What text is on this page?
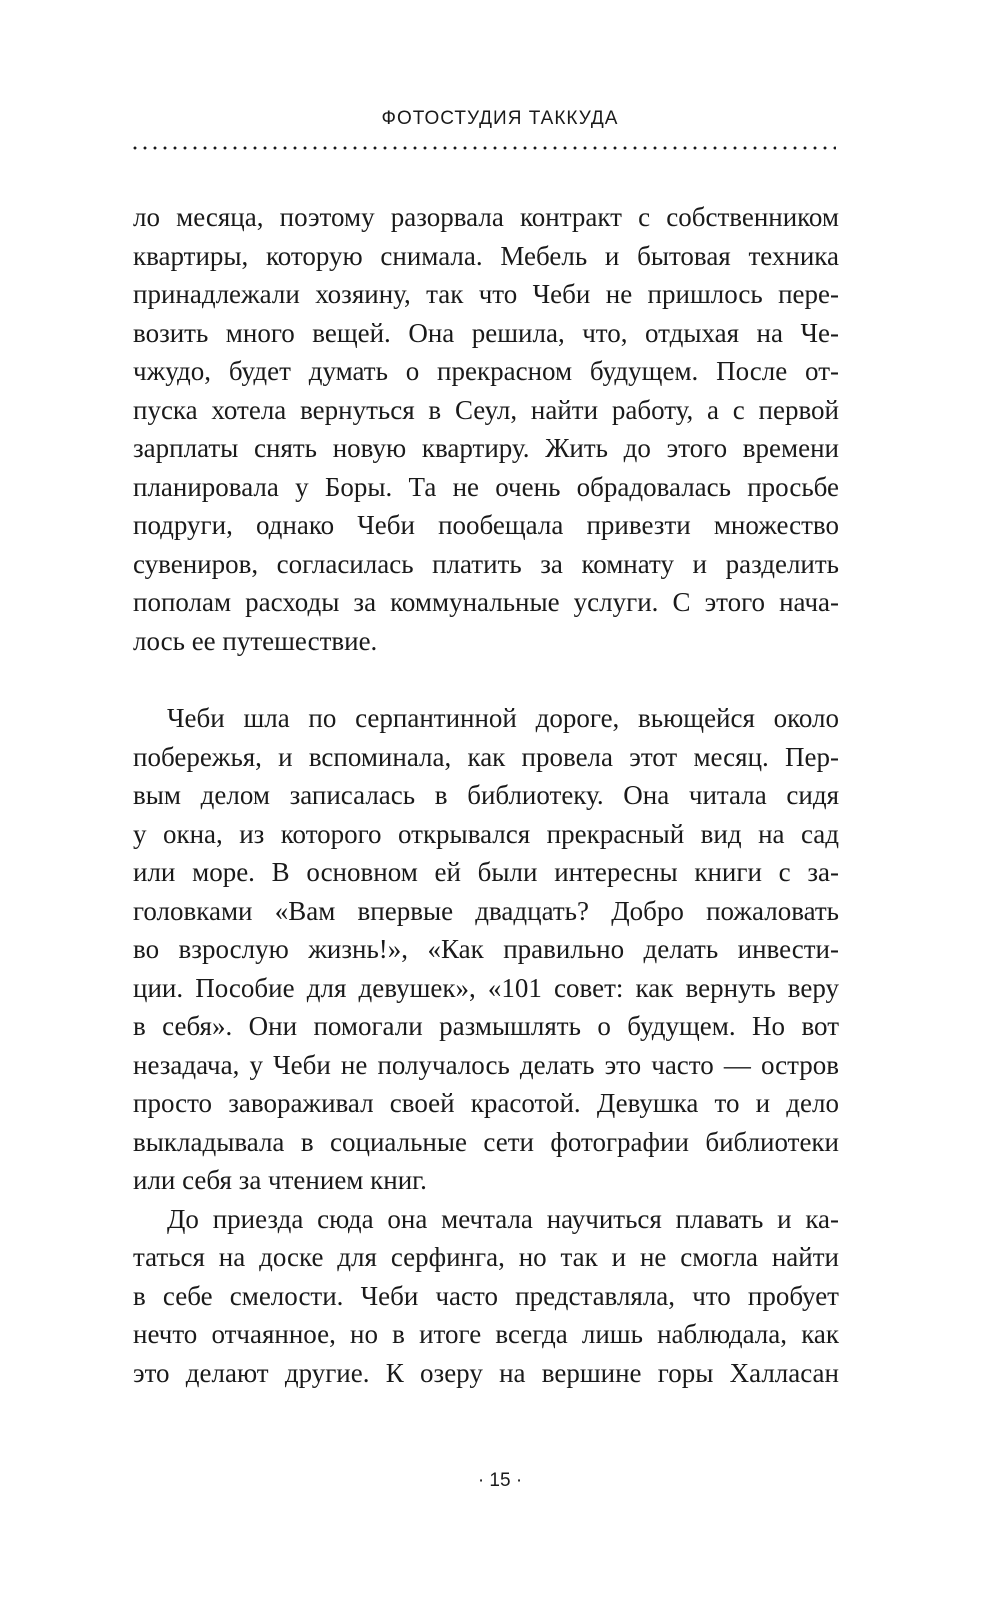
ФОТОСТУДИЯ ТАККУДА

ло месяца, поэтому разорвала контракт с собственником
квартиры, которую снимала. Мебель и бытовая техника
принадлежали хозяину, так что Чеби не пришлось пере-
возить много вещей. Она решила, что, отдыхая на Че-
чжудо, будет думать о прекрасном будущем. После от-
пуска хотела вернуться в Сеул, найти работу, а с первой
зарплаты снять новую квартиру. Жить до этого времени
планировала у Боры. Та не очень обрадовалась просьбе
подруги, однако Чеби пообещала привезти множество
сувениров, согласилась платить за комнату и разделить
пополам расходы за коммунальные услуги. С этого нача-
лось ее путешествие.

Чеби шла по серпантинной дороге, вьющейся около
побережья, и вспоминала, как провела этот месяц. Пер-
вым делом записалась в библиотеку. Она читала сидя
у окна, из которого открывался прекрасный вид на сад
или море. В основном ей были интересны книги с за-
головками «Вам впервые двадцать? Добро пожаловать
во взрослую жизнь!», «Как правильно делать инвести-
ции. Пособие для девушек», «101 совет: как вернуть веру
в себя». Они помогали размышлять о будущем. Но вот
незадача, у Чеби не получалось делать это часто — остров
просто завораживал своей красотой. Девушка то и дело
выкладывала в социальные сети фотографии библиотеки
или себя за чтением книг.

До приезда сюда она мечтала научиться плавать и ка-
таться на доске для серфинга, но так и не смогла найти
в себе смелости. Чеби часто представляла, что пробует
нечто отчаянное, но в итоге всегда лишь наблюдала, как
это делают другие. К озеру на вершине горы Халласан

· 15 ·
